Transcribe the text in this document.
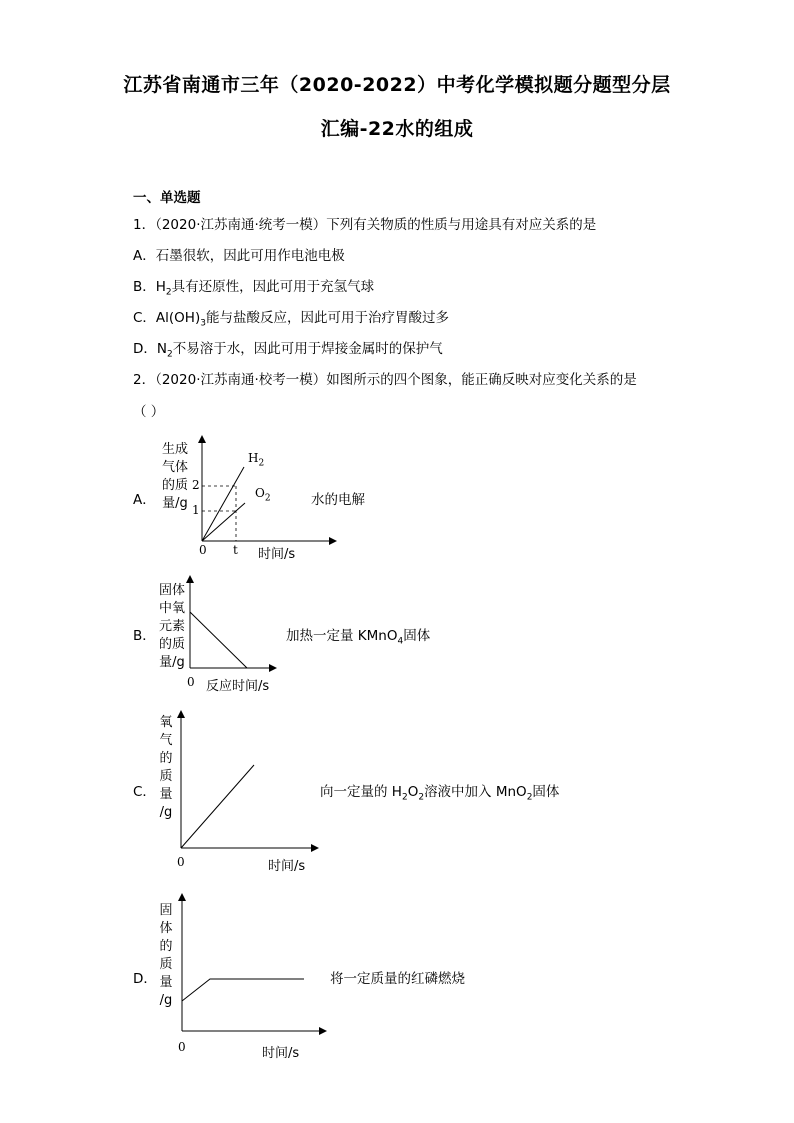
江苏省南通市三年（2020-2022）中考化学模拟题分题型分层
汇编-22水的组成
一、单选题
1．（2020·江苏南通·统考一模）下列有关物质的性质与用途具有对应关系的是
A．石墨很软，因此可用作电池电极
B．$H_2$具有还原性，因此可用于充氢气球
C．$Al(OH)_3$能与盐酸反应，因此可用于治疗胃酸过多
D．$N_2$不易溶于水，因此可用于焊接金属时的保护气
2．（2020·江苏南通·校考一模）如图所示的四个图象，能正确反映对应变化关系的是
（ ）
A．
生成
气体
的质
量/g
2
1
0 t 时间/s
$H_2$
$O_2$	水的电解
B．
固体
中氧
元素
的质
量/g
0 反应时间/s
加热一定量 KMnO$_4$固体
C．
氧
气
的
质
量
/g
0	时间/s
向一定量的 $H_2O_2$溶液中加入 MnO$_2$固体
D．
固
体
的
质
量
/g
0	时间/s
将一定质量的红磷燃烧
